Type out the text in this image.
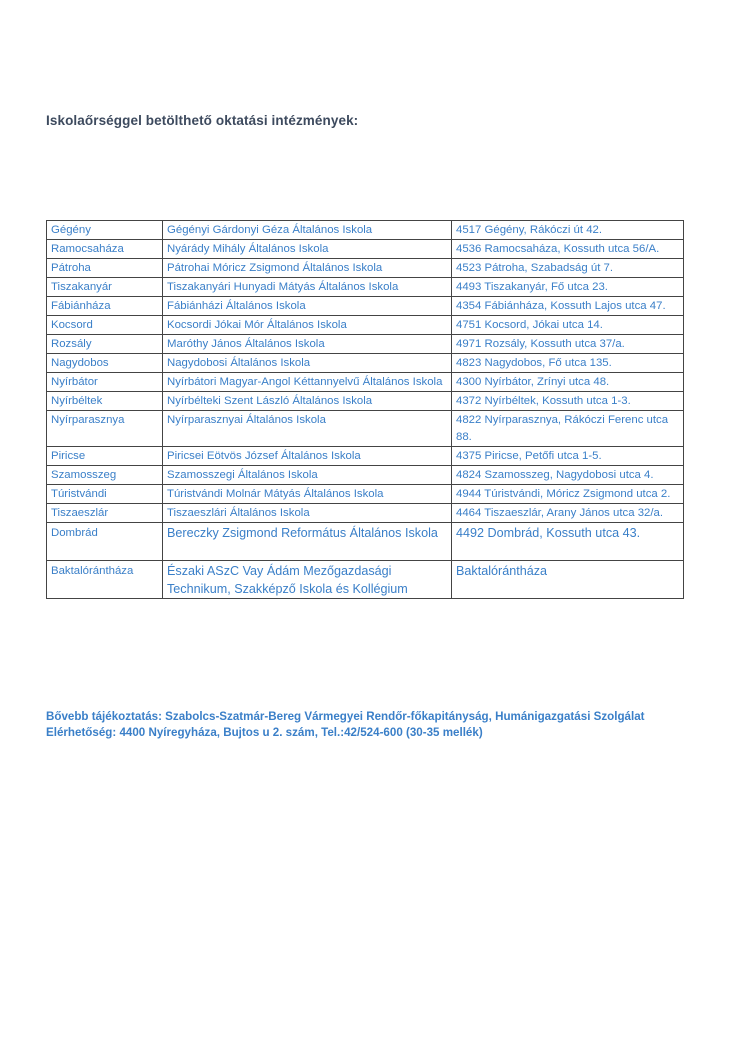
Iskolaőrséggel betölthető oktatási intézmények:
Gégény	Gégényi Gárdonyi Géza Általános Iskola	4517 Gégény, Rákóczi út 42.
Ramocsaháza	Nyárády Mihály Általános Iskola	4536 Ramocsaháza, Kossuth utca 56/A.
Pátroha	Pátrohai Móricz Zsigmond Általános Iskola	4523 Pátroha, Szabadság út 7.
Tiszakanyár	Tiszakanyári Hunyadi Mátyás Általános Iskola	4493 Tiszakanyár, Fő utca 23.
Fábiánháza	Fábiánházi Általános Iskola	4354 Fábiánháza, Kossuth Lajos utca 47.
Kocsord	Kocsordi Jókai Mór Általános Iskola	4751 Kocsord, Jókai utca 14.
Rozsály	Maróthy János Általános Iskola	4971 Rozsály, Kossuth utca 37/a.
Nagydobos	Nagydobosi Általános Iskola	4823 Nagydobos, Fő utca 135.
Nyírbátor	Nyírbátori Magyar-Angol Kéttannyelvű Általános Iskola	4300 Nyírbátor, Zrínyi utca 48.
Nyírbéltek	Nyírbélteki Szent László Általános Iskola	4372 Nyírbéltek, Kossuth utca 1-3.
Nyírparasznya	Nyírparasznyai Általános Iskola	4822 Nyírparasznya, Rákóczi Ferenc utca 88.
Piricse	Piricsei Eötvös József Általános Iskola	4375 Piricse, Petőfi utca 1-5.
Szamosszeg	Szamosszegi Általános Iskola	4824 Szamosszeg, Nagydobosi utca 4.
Túristvándi	Túristvándi Molnár Mátyás Általános Iskola	4944 Túristvándi, Móricz Zsigmond utca 2.
Tiszaeszlár	Tiszaeszlári Általános Iskola	4464 Tiszaeszlár, Arany János utca 32/a.
Dombrád	Bereczky Zsigmond Református Általános Iskola	4492 Dombrád, Kossuth utca 43.
Baktalórántháza	Északi ASzC Vay Ádám Mezőgazdasági Technikum, Szakképző Iskola és Kollégium	Baktalórántháza
Bővebb tájékoztatás: Szabolcs-Szatmár-Bereg Vármegyei Rendőr-főkapitányság, Humánigazgatási Szolgálat
Elérhetőség: 4400 Nyíregyháza, Bujtos u 2. szám, Tel.:42/524-600 (30-35 mellék)
